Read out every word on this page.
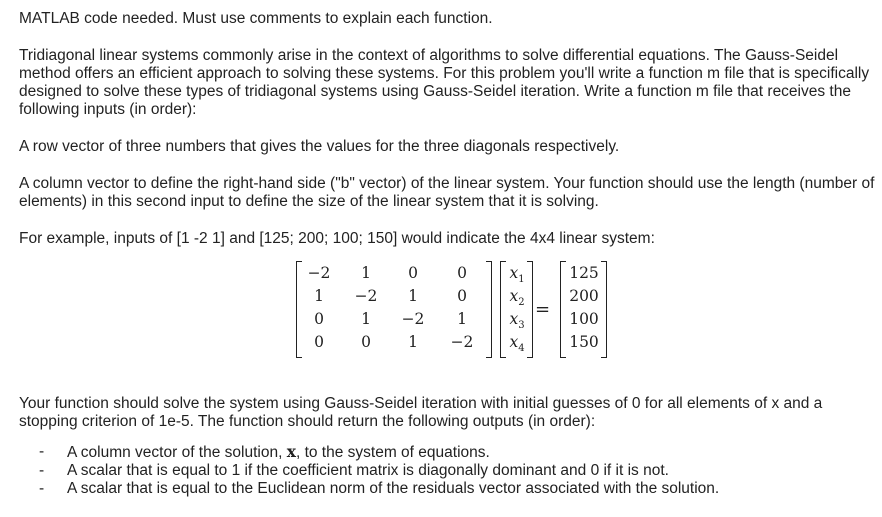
MATLAB code needed. Must use comments to explain each function.

Tridiagonal linear systems commonly arise in the context of algorithms to solve differential equations. The Gauss-Seidel method offers an efficient approach to solving these systems. For this problem you'll write a function m file that is specifically designed to solve these types of tridiagonal systems using Gauss-Seidel iteration. Write a function m file that receives the following inputs (in order):

A row vector of three numbers that gives the values for the three diagonals respectively.

A column vector to define the right-hand side ("b" vector) of the linear system. Your function should use the length (number of elements) in this second input to define the size of the linear system that it is solving.

For example, inputs of [1 -2 1] and [125; 200; 100; 150] would indicate the 4x4 linear system:

−2	1	0	0
1	−2	1	0
0	1	−2	1
0	0	1	−2
$x_1$
$x_2$
$x_3$
$x_4$
=
125
200
100
150

Your function should solve the system using Gauss-Seidel iteration with initial guesses of 0 for all elements of x and a stopping criterion of 1e-5. The function should return the following outputs (in order):

- A column vector of the solution, x, to the system of equations.
- A scalar that is equal to 1 if the coefficient matrix is diagonally dominant and 0 if it is not.
- A scalar that is equal to the Euclidean norm of the residuals vector associated with the solution.
